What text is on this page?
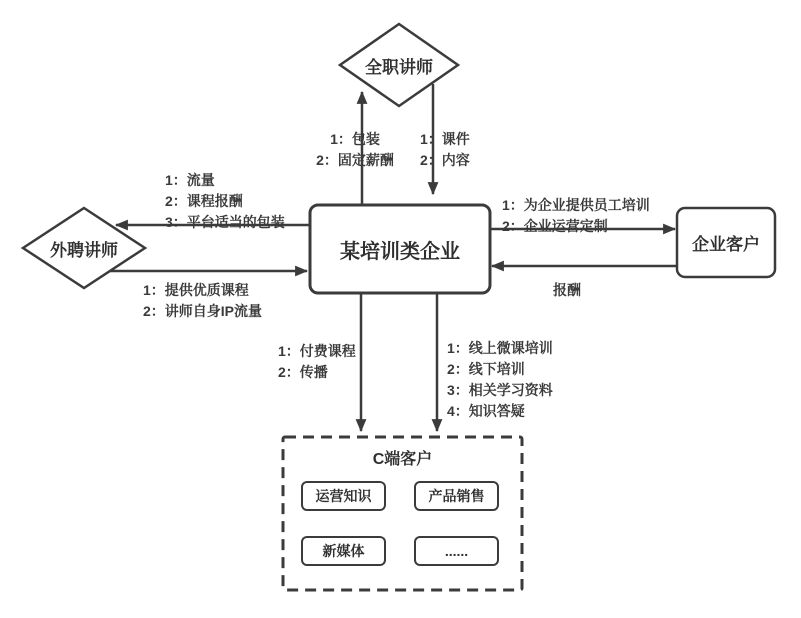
全职讲师
外聘讲师	某培训类企业	企业客户
C端客户
运营知识	产品销售
新媒体	......
1：包装
2：固定薪酬
1：课件
2：内容
1：流量
2：课程报酬
3：平台适当的包装
1：提供优质课程
2：讲师自身IP流量
1：为企业提供员工培训
2：企业运营定制
报酬
1：付费课程
2：传播
1：线上微课培训
2：线下培训
3：相关学习资料
4：知识答疑
